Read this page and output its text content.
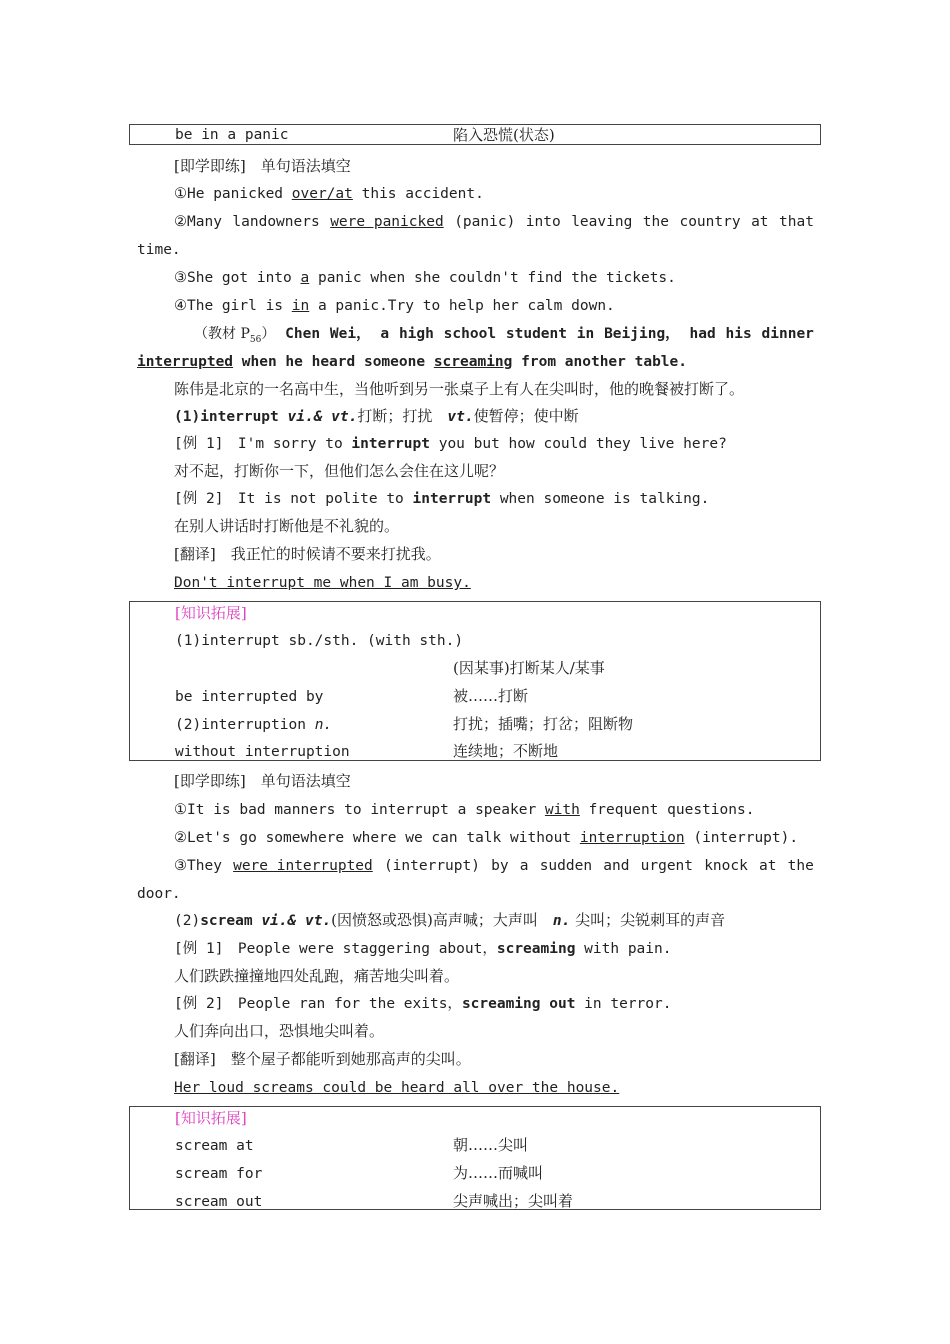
be in a panic	陷入恐慌(状态)
[即学即练]　单句语法填空
①He panicked over/at this accident.
②Many landowners were panicked (panic) into leaving the country at that
time.
③She got into a panic when she couldn't find the tickets.
④The girl is in a panic.Try to help her calm down.
（教材 $P_{56}$） Chen Wei， a high school student in Beijing， had his dinner
interrupted when he heard someone screaming from another table.
陈伟是北京的一名高中生，当他听到另一张桌子上有人在尖叫时，他的晚餐被打断了。
(1)interrupt vi.& vt.打断；打扰　vt.使暂停；使中断
[例 1]　I'm sorry to interrupt you but how could they live here?
对不起，打断你一下，但他们怎么会住在这儿呢？
[例 2]　It is not polite to interrupt when someone is talking.
在别人讲话时打断他是不礼貌的。
[翻译]　我正忙的时候请不要来打扰我。
Don't interrupt me when I am busy.
[知识拓展]
(1)interrupt sb./sth. (with sth.)
(因某事)打断某人/某事
be interrupted by	被……打断
(2)interruption n.	打扰；插嘴；打岔；阻断物
without interruption	连续地；不断地
[即学即练]　单句语法填空
①It is bad manners to interrupt a speaker with frequent questions.
②Let's go somewhere where we can talk without interruption (interrupt).
③They were interrupted (interrupt) by a sudden and urgent knock at the
door.
(2)scream vi.& vt.(因愤怒或恐惧)高声喊；大声叫　n. 尖叫；尖锐刺耳的声音
[例 1]　People were staggering about，screaming with pain.
人们跌跌撞撞地四处乱跑，痛苦地尖叫着。
[例 2]　People ran for the exits，screaming out in terror.
人们奔向出口，恐惧地尖叫着。
[翻译]　整个屋子都能听到她那高声的尖叫。
Her loud screams could be heard all over the house.
[知识拓展]
scream at	朝……尖叫
scream for	为……而喊叫
scream out	尖声喊出；尖叫着
